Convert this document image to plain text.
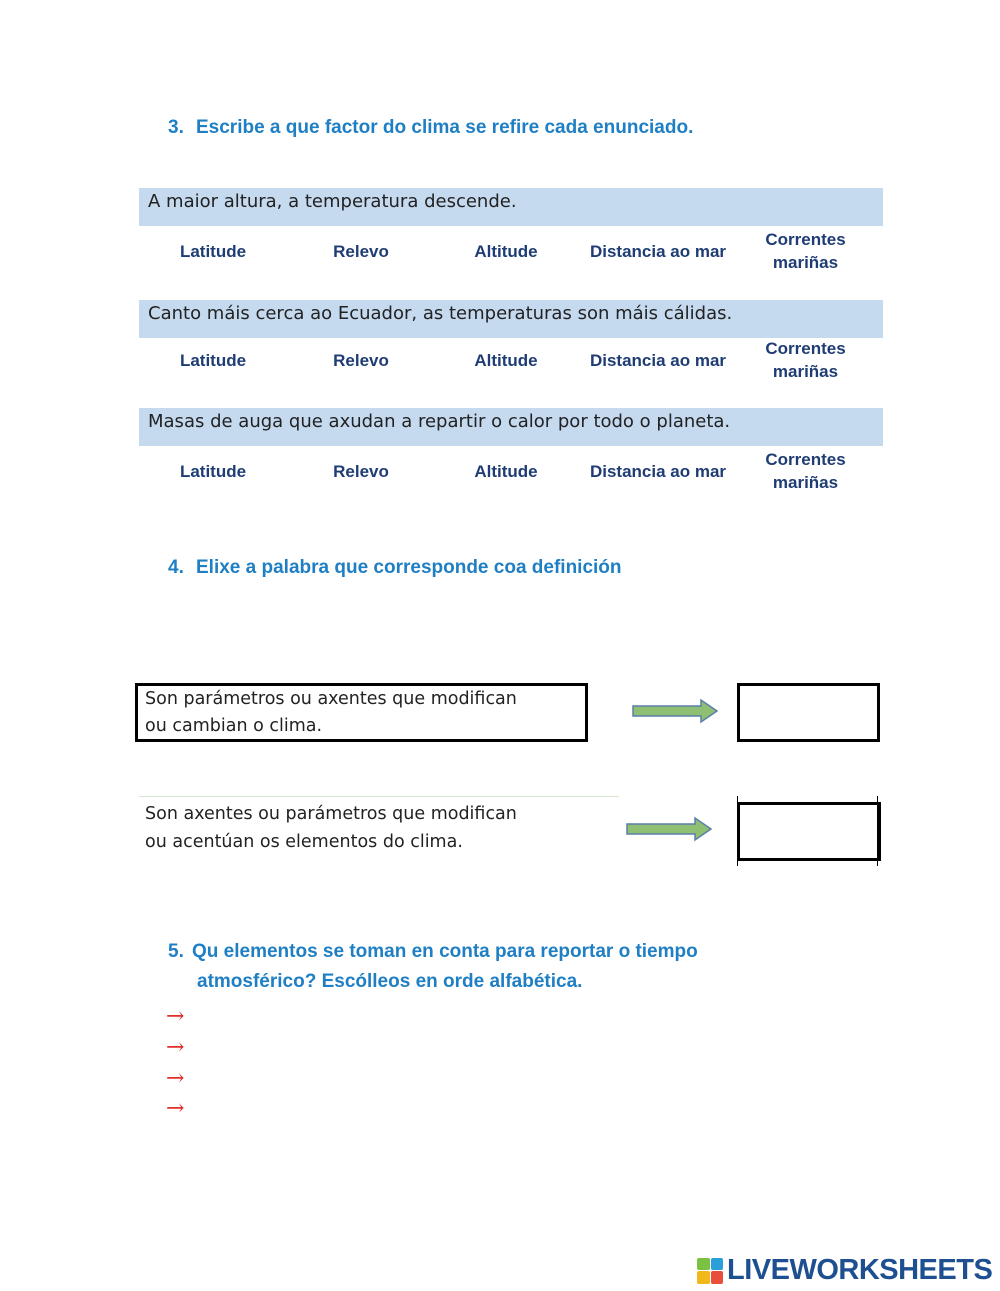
3. Escribe a que factor do clima se refire cada enunciado.
A maior altura, a temperatura descende.
Latitude	Relevo	Altitude	Distancia ao mar
Correntes mariñas
Canto máis cerca ao Ecuador, as temperaturas son máis cálidas.
Latitude	Relevo	Altitude	Distancia ao mar
Correntes mariñas
Masas de auga que axudan a repartir o calor por todo o planeta.
Latitude	Relevo	Altitude	Distancia ao mar
Correntes mariñas
4. Elixe a palabra que corresponde coa definición
Son parámetros ou axentes que modifican
ou cambian o clima.
Son axentes ou parámetros que modifican
ou acentúan os elementos do clima.
5. Qu elementos se toman en conta para reportar o tiempo
atmosférico? Escólleos en orde alfabética.
→
→
→
→
LIVEWORKSHEETS
